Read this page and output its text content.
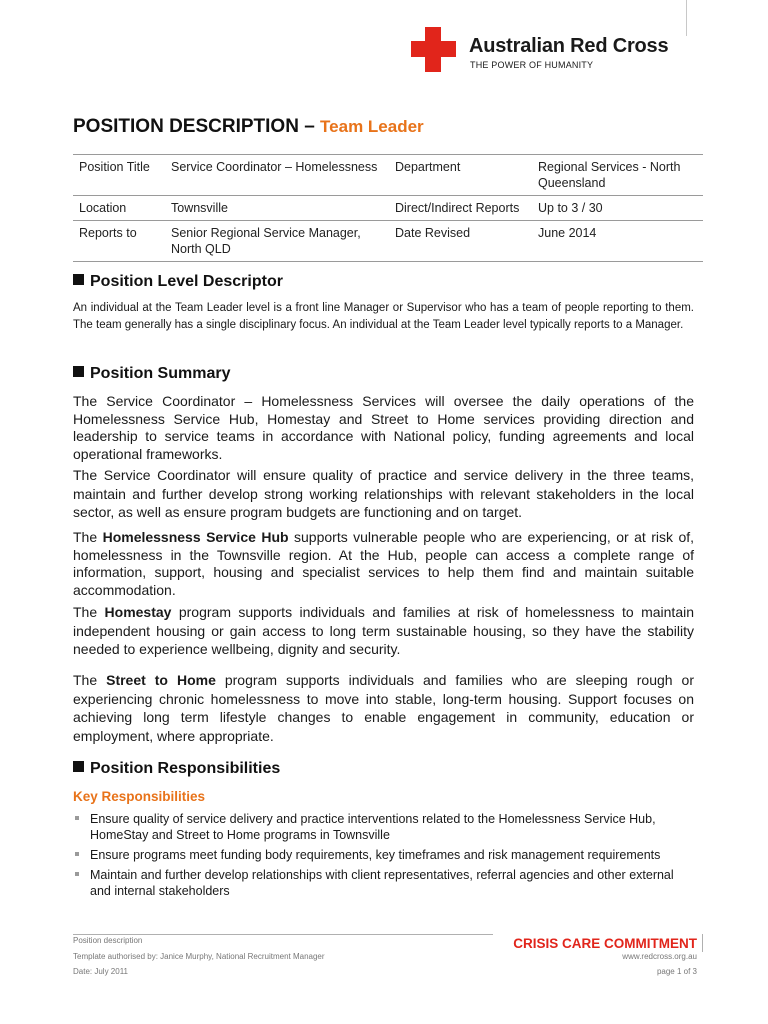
Australian Red Cross
THE POWER OF HUMANITY
POSITION DESCRIPTION – Team Leader
Position Title	Service Coordinator – Homelessness	Department	Regional Services - North Queensland
Location	Townsville	Direct/Indirect Reports	Up to 3 / 30
Reports to	Senior Regional Service Manager, North QLD	Date Revised	June 2014
Position Level Descriptor
An individual at the Team Leader level is a front line Manager or Supervisor who has a team of people reporting to them. The team generally has a single disciplinary focus. An individual at the Team Leader level typically reports to a Manager.
Position Summary
The Service Coordinator – Homelessness Services will oversee the daily operations of the Homelessness Service Hub, Homestay and Street to Home services providing direction and leadership to service teams in accordance with National policy, funding agreements and local operational frameworks.
The Service Coordinator will ensure quality of practice and service delivery in the three teams, maintain and further develop strong working relationships with relevant stakeholders in the local sector, as well as ensure program budgets are functioning and on target.
The Homelessness Service Hub supports vulnerable people who are experiencing, or at risk of, homelessness in the Townsville region. At the Hub, people can access a complete range of information, support, housing and specialist services to help them find and maintain suitable accommodation.
The Homestay program supports individuals and families at risk of homelessness to maintain independent housing or gain access to long term sustainable housing, so they have the stability needed to experience wellbeing, dignity and security.
The Street to Home program supports individuals and families who are sleeping rough or experiencing chronic homelessness to move into stable, long-term housing. Support focuses on achieving long term lifestyle changes to enable engagement in community, education or employment, where appropriate.
Position Responsibilities
Key Responsibilities
Ensure quality of service delivery and practice interventions related to the Homelessness Service Hub, HomeStay and Street to Home programs in Townsville
Ensure programs meet funding body requirements, key timeframes and risk management requirements
Maintain and further develop relationships with client representatives, referral agencies and other external and internal stakeholders
Position description
Template authorised by: Janice Murphy, National Recruitment Manager
Date: July 2011
CRISIS CARE COMMITMENT
www.redcross.org.au
page 1 of 3
